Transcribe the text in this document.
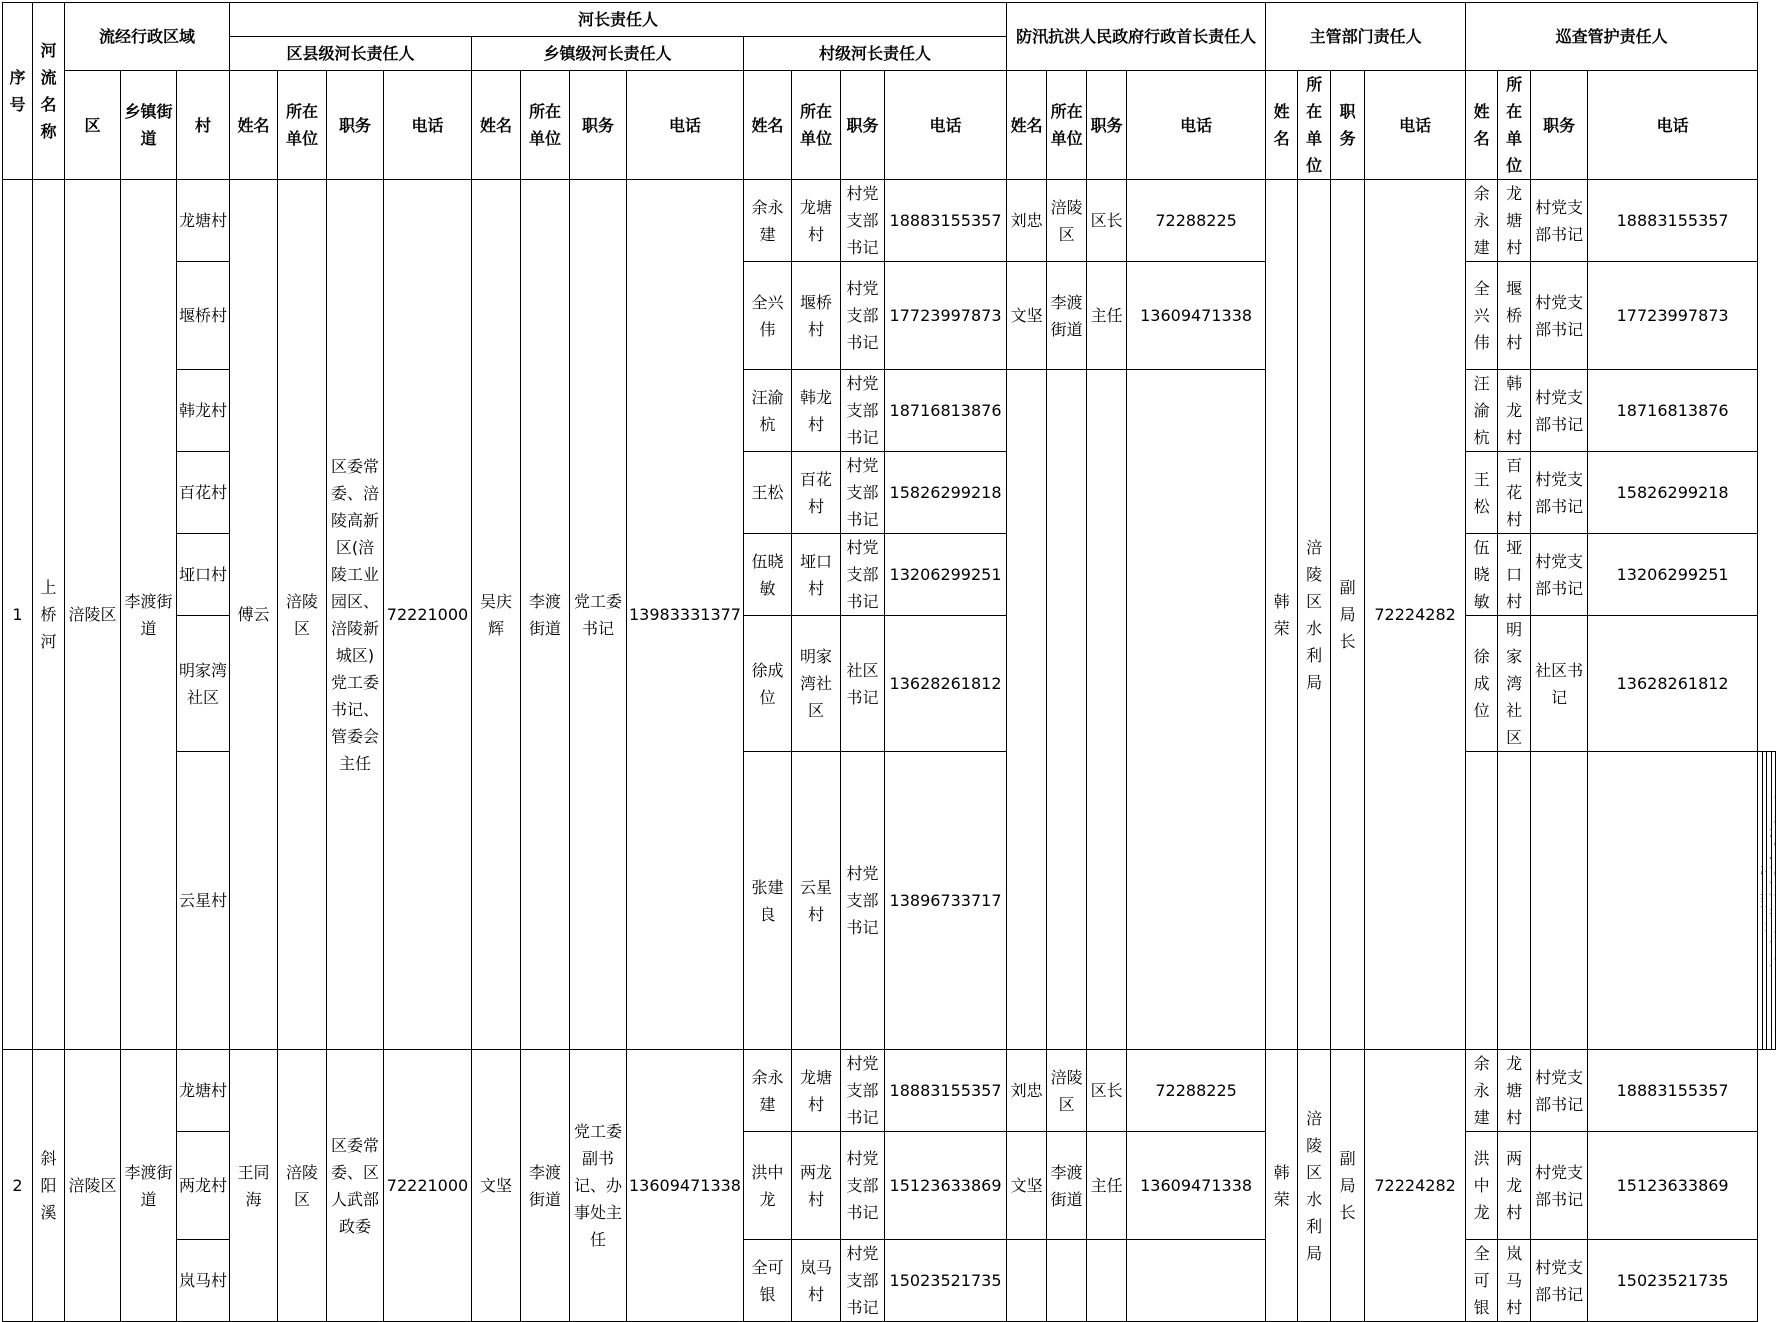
序号	河流名称	流经行政区域			河长责任人												防汛抗洪人民政府行政首长责任人				主管部门责任人				巡查管护责任人							
					区县级河长责任人				乡镇级河长责任人				村级河长责任人																			
		区	乡镇街道	村	姓名	所在单位	职务	电话	姓名	所在单位	职务	电话	姓名	所在单位	职务	电话	姓名	所在单位	职务	电话	姓名	所在单位	职务	电话	姓名	所在单位	职务	电话				
1	上桥河	涪陵区	李渡街道	龙塘村	傅云	涪陵区	区委常委、涪陵高新区(涪陵工业园区、涪陵新城区)党工委书记、管委会主任	72221000	吴庆辉	李渡街道	党工委书记	13983331377	余永建	龙塘村	村党支部书记	18883155357	刘忠	涪陵区	区长	72288225	韩荣	涪陵区水利局	副局长	72224282	余永建	龙塘村	村党支部书记	18883155357				
				堰桥村									全兴伟	堰桥村	村党支部书记	17723997873	文坚	李渡街道	主任	13609471338					全兴伟	堰桥村	村党支部书记	17723997873				
				韩龙村									汪渝杭	韩龙村	村党支部书记	18716813876									汪渝杭	韩龙村	村党支部书记	18716813876				
				百花村									王松	百花村	村党支部书记	15826299218									王松	百花村	村党支部书记	15826299218				
				垭口村									伍晓敏	垭口村	村党支部书记	13206299251									伍晓敏	垭口村	村党支部书记	13206299251				
				明家湾社区									徐成位	明家湾社区	社区书记	13628261812									徐成位	明家湾社区	社区书记	13628261812				
				云星村									张建良	云星村	村党支部书记	13896733717								
2	斜阳溪	涪陵区	李渡街道	龙塘村	王同海	涪陵区	区委常委、区人武部政委	72221000	文坚	李渡街道	党工委副书记、办事处主任	13609471338	余永建	龙塘村	村党支部书记	18883155357	刘忠	涪陵区	区长	72288225	韩荣	涪陵区水利局	副局长	72224282	余永建	龙塘村	村党支部书记	18883155357				
				两龙村									洪中龙	两龙村	村党支部书记	15123633869	文坚	李渡街道	主任	13609471338					洪中龙	两龙村	村党支部书记	15123633869				
				岚马村									全可银	岚马村	村党支部书记	15023521735									全可银	岚马村	村党支部书记	15023521735				
